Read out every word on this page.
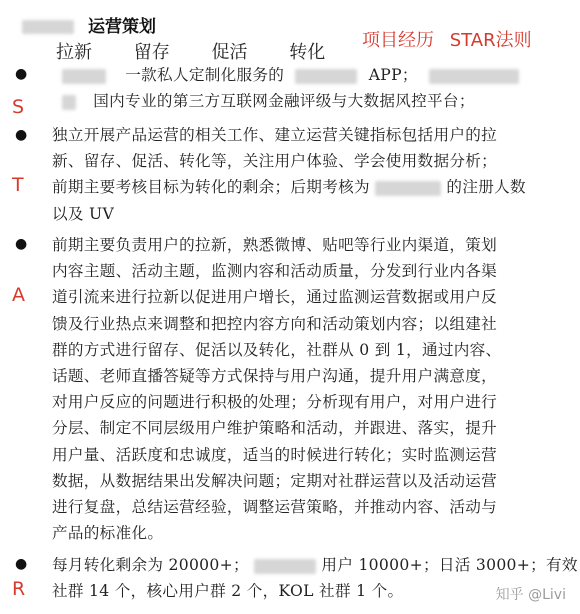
运营策划
拉新 留存 促活 转化
项目经历 STAR法则
S
T
A
R
●
●
●
●
一款私人定制化服务的	APP；
国内专业的第三方互联网金融评级与大数据风控平台；
独立开展产品运营的相关工作、建立运营关键指标包括用户的拉
新、留存、促活、转化等，关注用户体验、学会使用数据分析；
前期主要考核目标为转化的剩余；后期考核为	的注册人数
以及 UV
前期主要负责用户的拉新，熟悉微博、贴吧等行业内渠道，策划
内容主题、活动主题，监测内容和活动质量，分发到行业内各渠
道引流来进行拉新以促进用户增长，通过监测运营数据或用户反
馈及行业热点来调整和把控内容方向和活动策划内容；以组建社
群的方式进行留存、促活以及转化，社群从 0 到 1，通过内容、
话题、老师直播答疑等方式保持与用户沟通，提升用户满意度，
对用户反应的问题进行积极的处理；分析现有用户，对用户进行
分层、制定不同层级用户维护策略和活动，并跟进、落实，提升
用户量、活跃度和忠诚度，适当的时候进行转化；实时监测运营
数据，从数据结果出发解决问题；定期对社群运营以及活动运营
进行复盘，总结运营经验，调整运营策略，并推动内容、活动与
产品的标准化。
每月转化剩余为 20000+；	用户 10000+；日活 3000+；有效
社群 14 个，核心用户群 2 个，KOL 社群 1 个。	知乎 @Livi
